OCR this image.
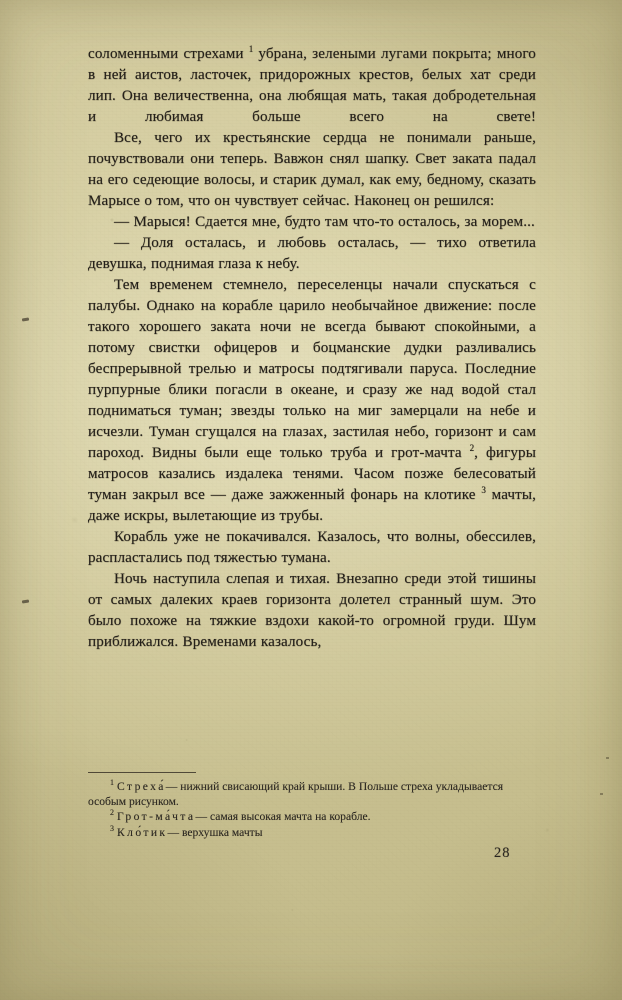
соломенными стрехами $^1$ убрана, зелеными лугами покрыта; много в ней аистов, ласточек, придорожных крестов, белых хат среди лип. Она величественна, она любящая мать, такая добродетельная и любимая больше всего на свете!

Все, чего их крестьянские сердца не понимали раньше, почувствовали они теперь. Вавжон снял шапку. Свет заката падал на его седеющие волосы, и старик думал, как ему, бедному, сказать Марысе о том, что он чувствует сейчас. Наконец он решился:

— Марыся! Сдается мне, будто там что-то осталось, за морем...

— Доля осталась, и любовь осталась, — тихо ответила девушка, поднимая глаза к небу.

Тем временем стемнело, переселенцы начали спускаться с палубы. Однако на корабле царило необычайное движение: после такого хорошего заката ночи не всегда бывают спокойными, а потому свистки офицеров и боцманские дудки разливались беспрерывной трелью и матросы подтягивали паруса. Последние пурпурные блики погасли в океане, и сразу же над водой стал подниматься туман; звезды только на миг замерцали на небе и исчезли. Туман сгущался на глазах, застилая небо, горизонт и сам пароход. Видны были еще только труба и грот-мачта $^2$, фигуры матросов казались издалека тенями. Часом позже белесоватый туман закрыл все — даже зажженный фонарь на клотике $^3$ мачты, даже искры, вылетающие из трубы.

Корабль уже не покачивался. Казалось, что волны, обессилев, распластались под тяжестью тумана.

Ночь наступила слепая и тихая. Внезапно среди этой тишины от самых далеких краев горизонта долетел странный шум. Это было похоже на тяжкие вздохи какой-то огромной груди. Шум приближался. Временами казалось,

$^1$ Стреха́— нижний свисающий край крыши. В Польше стреха укладывается особым рисунком.

$^2$ Грот-ма́чта— самая высокая мачта на корабле.

$^3$ Кло́тик— верхушка мачты

28
